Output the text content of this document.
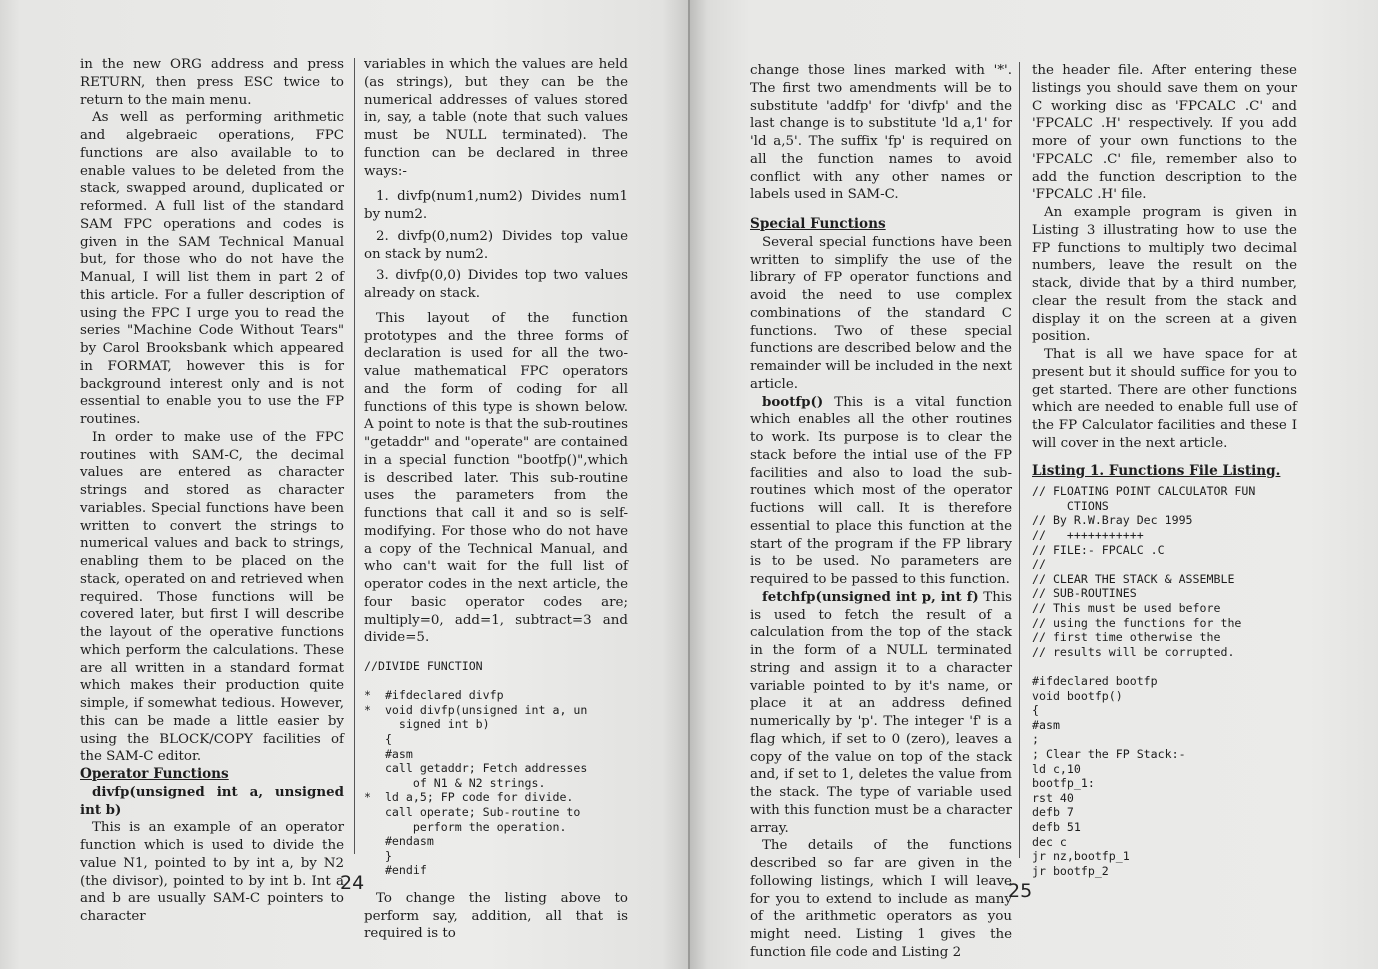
in the new ORG address and press RETURN, then press ESC twice to return to the main menu.

As well as performing arithmetic and algebraeic operations, FPC functions are also available to to enable values to be deleted from the stack, swapped around, duplicated or reformed. A full list of the standard SAM FPC operations and codes is given in the SAM Technical Manual but, for those who do not have the Manual, I will list them in part 2 of this article. For a fuller description of using the FPC I urge you to read the series "Machine Code Without Tears" by Carol Brooksbank which appeared in FORMAT, however this is for background interest only and is not essential to enable you to use the FP routines.

In order to make use of the FPC routines with SAM-C, the decimal values are entered as character strings and stored as character variables. Special functions have been written to convert the strings to numerical values and back to strings, enabling them to be placed on the stack, operated on and retrieved when required. Those functions will be covered later, but first I will describe the layout of the operative functions which perform the calculations. These are all written in a standard format which makes their production quite simple, if somewhat tedious. However, this can be made a little easier by using the BLOCK/COPY facilities of the SAM-C editor.

Operator Functions

divfp(unsigned int a, unsigned int b)

This is an example of an operator function which is used to divide the value N1, pointed to by int a, by N2 (the divisor), pointed to by int b. Int a and b are usually SAM-C pointers to character

variables in which the values are held (as strings), but they can be the numerical addresses of values stored in, say, a table (note that such values must be NULL terminated). The function can be declared in three ways:-

1. divfp(num1,num2) Divides num1 by num2.
2. divfp(0,num2) Divides top value on stack by num2.
3. divfp(0,0) Divides top two values already on stack.

This layout of the function prototypes and the three forms of declaration is used for all the two-value mathematical FPC operators and the form of coding for all functions of this type is shown below. A point to note is that the sub-routines "getaddr" and "operate" are contained in a special function "bootfp()",which is described later. This sub-routine uses the parameters from the functions that call it and so is self-modifying. For those who do not have a copy of the Technical Manual, and who can't wait for the full list of operator codes in the next article, the four basic operator codes are; multiply=0, add=1, subtract=3 and divide=5.

//DIVIDE FUNCTION

*  #ifdeclared divfp
*  void divfp(unsigned int a, un
signed int b)
{
#asm
call getaddr; Fetch addresses
of N1 & N2 strings.
*  ld a,5; FP code for divide.
call operate; Sub-routine to
perform the operation.
#endasm
}
#endif

To change the listing above to perform say, addition, all that is required is to

24

change those lines marked with '*'. The first two amendments will be to substitute 'addfp' for 'divfp' and the last change is to substitute 'ld a,1' for 'ld a,5'. The suffix 'fp' is required on all the function names to avoid conflict with any other names or labels used in SAM-C.

Special Functions

Several special functions have been written to simplify the use of the library of FP operator functions and avoid the need to use complex combinations of the standard C functions. Two of these special functions are described below and the remainder will be included in the next article.

bootfp() This is a vital function which enables all the other routines to work. Its purpose is to clear the stack before the intial use of the FP facilities and also to load the sub-routines which most of the operator fuctions will call. It is therefore essential to place this function at the start of the program if the FP library is to be used. No parameters are required to be passed to this function.

fetchfp(unsigned int p, int f) This is used to fetch the result of a calculation from the top of the stack in the form of a NULL terminated string and assign it to a character variable pointed to by it's name, or place it at an address defined numerically by 'p'. The integer 'f' is a flag which, if set to 0 (zero), leaves a copy of the value on top of the stack and, if set to 1, deletes the value from the stack. The type of variable used with this function must be a character array.

The details of the functions described so far are given in the following listings, which I will leave for you to extend to include as many of the arithmetic operators as you might need. Listing 1 gives the function file code and Listing 2

the header file. After entering these listings you should save them on your C working disc as 'FPCALC .C' and 'FPCALC .H' respectively. If you add more of your own functions to the 'FPCALC .C' file, remember also to add the function description to the 'FPCALC .H' file.

An example program is given in Listing 3 illustrating how to use the FP functions to multiply two decimal numbers, leave the result on the stack, divide that by a third number, clear the result from the stack and display it on the screen at a given position.

That is all we have space for at present but it should suffice for you to get started. There are other functions which are needed to enable full use of the FP Calculator facilities and these I will cover in the next article.

Listing 1. Functions File Listing.
// FLOATING POINT CALCULATOR FUN
CTIONS
// By R.W.Bray Dec 1995
//   +++++++++++
// FILE:- FPCALC .C
//
// CLEAR THE STACK & ASSEMBLE
// SUB-ROUTINES
// This must be used before
// using the functions for the
// first time otherwise the
// results will be corrupted.

#ifdeclared bootfp
void bootfp()
{
#asm
;
; Clear the FP Stack:-
ld c,10
bootfp_1:
rst 40
defb 7
defb 51
dec c
jr nz,bootfp_1
jr bootfp_2
25
